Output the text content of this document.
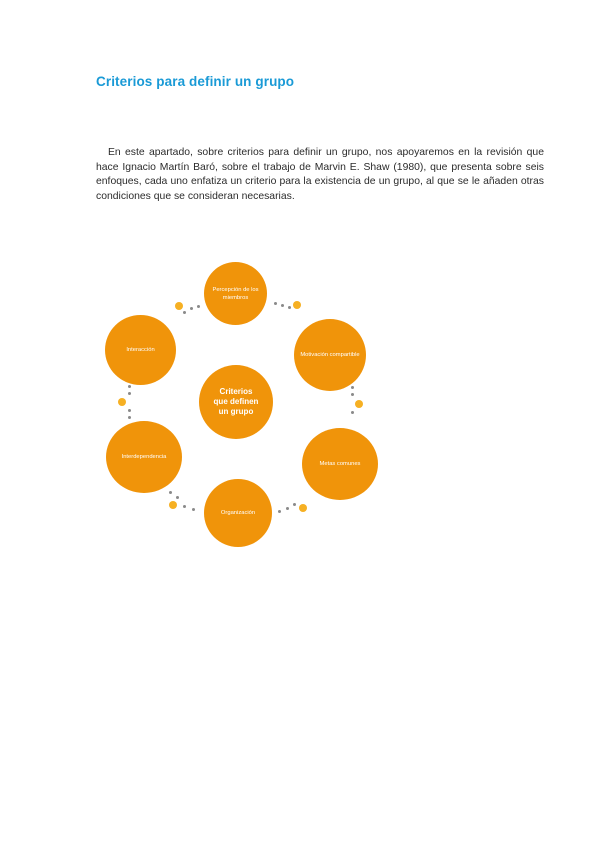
Criterios para definir un grupo
En este apartado, sobre criterios para definir un grupo, nos apoyaremos en la revisión que hace Ignacio Martín Baró, sobre el trabajo de Marvin E. Shaw (1980), que presenta sobre seis enfoques, cada uno enfatiza un criterio para la existencia de un grupo, al que se le añaden otras condiciones que se consideran necesarias.
Criterios que definen un grupo
Percepción de los miembros
Motivación compartible
Metas comunes
Organización
Interdependencia
Interacción
